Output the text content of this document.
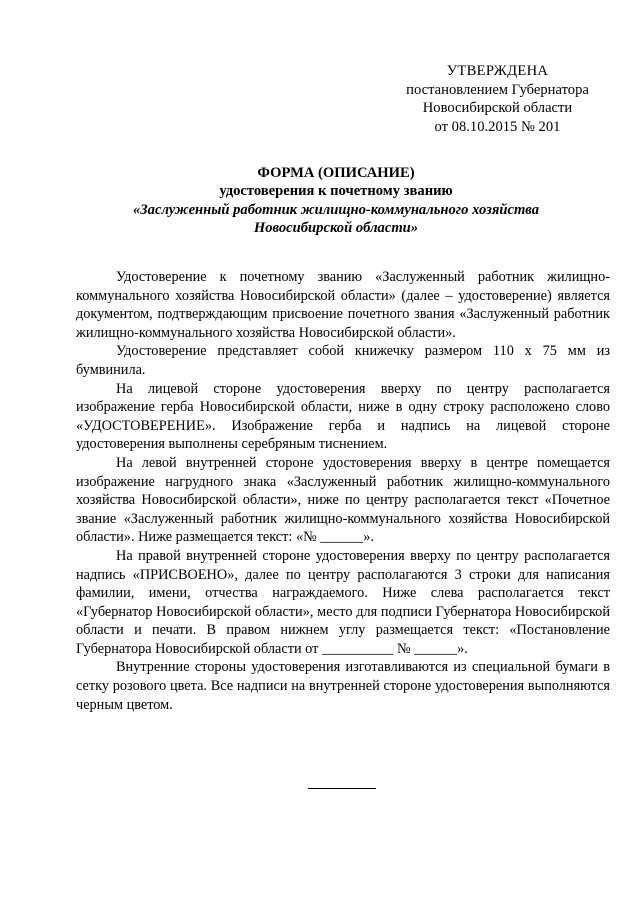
УТВЕРЖДЕНА
постановлением Губернатора
Новосибирской области
от 08.10.2015 № 201
ФОРМА (ОПИСАНИЕ)
удостоверения к почетному званию
«Заслуженный работник жилищно-коммунального хозяйства
Новосибирской области»

Удостоверение к почетному званию «Заслуженный работник жилищно-коммунального хозяйства Новосибирской области» (далее – удостоверение) является документом, подтверждающим присвоение почетного звания «Заслуженный работник жилищно-коммунального хозяйства Новосибирской области».

Удостоверение представляет собой книжечку размером 110 х 75 мм из бумвинила.

На лицевой стороне удостоверения вверху по центру располагается изображение герба Новосибирской области, ниже в одну строку расположено слово «УДОСТОВЕРЕНИЕ». Изображение герба и надпись на лицевой стороне удостоверения выполнены серебряным тиснением.

На левой внутренней стороне удостоверения вверху в центре помещается изображение нагрудного знака «Заслуженный работник жилищно-коммунального хозяйства Новосибирской области», ниже по центру располагается текст «Почетное звание «Заслуженный работник жилищно-коммунального хозяйства Новосибирской области». Ниже размещается текст: «№ ______».

На правой внутренней стороне удостоверения вверху по центру располагается надпись «ПРИСВОЕНО», далее по центру располагаются 3 строки для написания фамилии, имени, отчества награждаемого. Ниже слева располагается текст «Губернатор Новосибирской области», место для подписи Губернатора Новосибирской области и печати. В правом нижнем углу размещается текст: «Постановление Губернатора Новосибирской области от __________ № ______».

Внутренние стороны удостоверения изготавливаются из специальной бумаги в сетку розового цвета. Все надписи на внутренней стороне удостоверения выполняются черным цветом.
